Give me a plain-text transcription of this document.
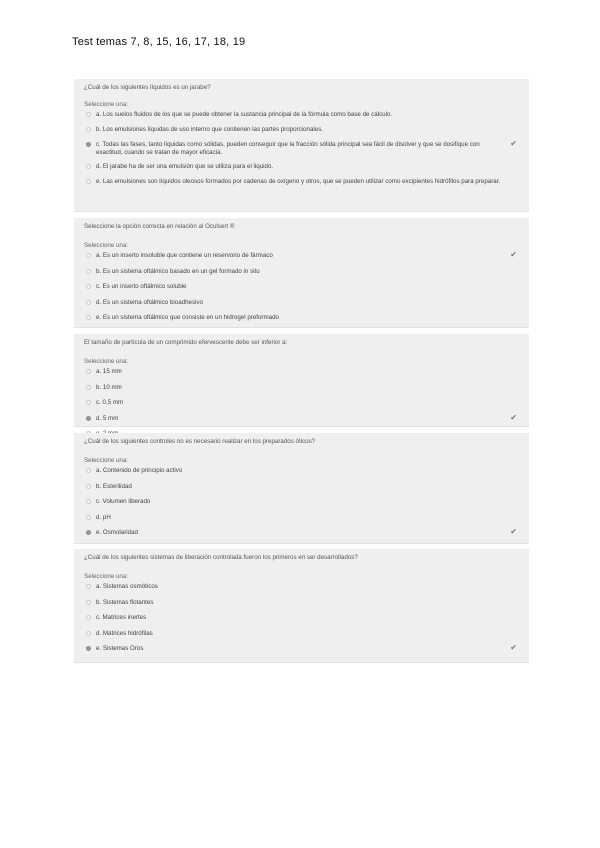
Test temas 7, 8, 15, 16, 17, 18, 19
¿Cuál de los siguientes líquidos es un jarabe?
Seleccione una:
a. Los suelos fluidos de los que se puede obtener la sustancia principal de la fórmula como base de cálculo.
b. Los emulsiones líquidas de uso interno que contienen las partes proporcionales.
c. Todas las fases, tanto líquidas como sólidas, pueden conseguir que la fracción sólida principal sea fácil de disolver y que se dosifique con exactitud, cuando se tratan de mayor eficacia.
✔
d. El jarabe ha de ser una emulsión que se utiliza para el liquido.
e. Las emulsiones son líquidos oleosos formados por cadenas de oxígeno y otros, que se pueden utilizar como excipientes hidrófilos para preparar.
Seleccione la opción correcta en relación al Oculsert ®
Seleccione una:
a. Es un inserto insoluble que contiene un reservorio de fármaco	✔
b. Es un sistema oftálmico basado en un gel formado in situ
c. Es un inserto oftálmico soluble
d. Es un sistema oftálmico bioadhesivo
e. Es un sistema oftálmico que consiste en un hidrogel preformado
El tamaño de partícula de un comprimido efervescente debe ser inferior a:
Seleccione una:
a. 15 mm
b. 10 mm
c. 0,5 mm
d. 5 mm	✔
¿Cuál de los siguientes controles no es necesario realizar en los preparados óticos?
Seleccione una:
a. Contenido de principio activo
b. Esterilidad
c. Volumen liberado
d. pH
e. Osmolaridad	✔
¿Cuál de los siguientes sistemas de liberación controlada fueron los primeros en ser desarrollados?
Seleccione una:
a. Sistemas osmóticos
b. Sistemas flotantes
c. Matrices inertes
d. Matrices hidrófilas
e. Sistemas Oros	✔
